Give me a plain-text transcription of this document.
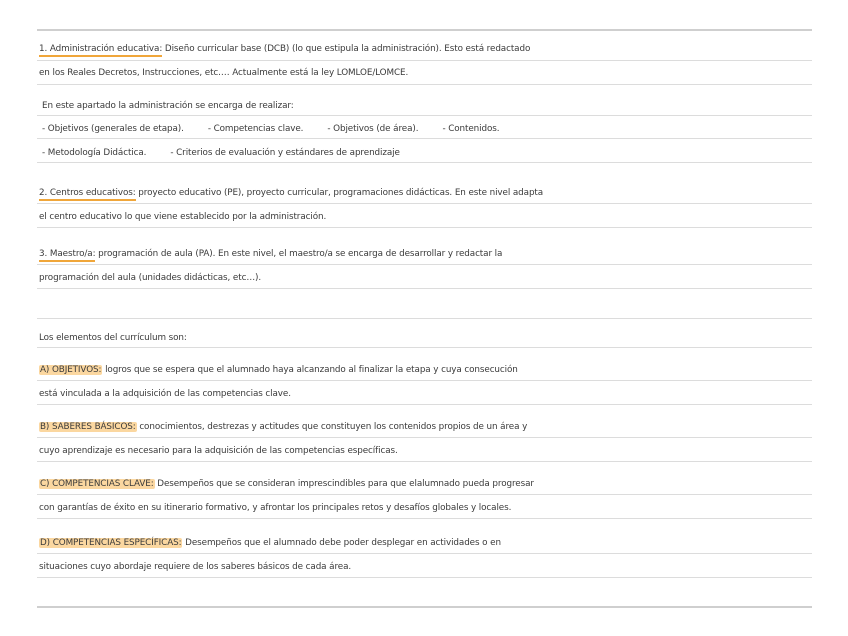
1. Administración educativa: Diseño curricular base (DCB) (lo que estipula la administración). Esto está redactado
en los Reales Decretos, Instrucciones, etc.… Actualmente está la ley LOMLOE/LOMCE.
En este apartado la administración se encarga de realizar:
- Objetivos (generales de etapa).	- Competencias clave.	- Objetivos (de área).	- Contenidos.
- Metodología Didáctica.	- Criterios de evaluación y estándares de aprendizaje
2. Centros educativos: proyecto educativo (PE), proyecto curricular, programaciones didácticas. En este nivel adapta
el centro educativo lo que viene establecido por la administración.
3. Maestro/a: programación de aula (PA). En este nivel, el maestro/a se encarga de desarrollar y redactar la
programación del aula (unidades didácticas, etc…).
Los elementos del currículum son:
A) OBJETIVOS: logros que se espera que el alumnado haya alcanzando al finalizar la etapa y cuya consecución
está vinculada a la adquisición de las competencias clave.
B) SABERES BÁSICOS: conocimientos, destrezas y actitudes que constituyen los contenidos propios de un área y
cuyo aprendizaje es necesario para la adquisición de las competencias específicas.
C) COMPETENCIAS CLAVE: Desempeños que se consideran imprescindibles para que elalumnado pueda progresar
con garantías de éxito en su itinerario formativo, y afrontar los principales retos y desafíos globales y locales.
D) COMPETENCIAS ESPECÍFICAS: Desempeños que el alumnado debe poder desplegar en actividades o en
situaciones cuyo abordaje requiere de los saberes básicos de cada área.
